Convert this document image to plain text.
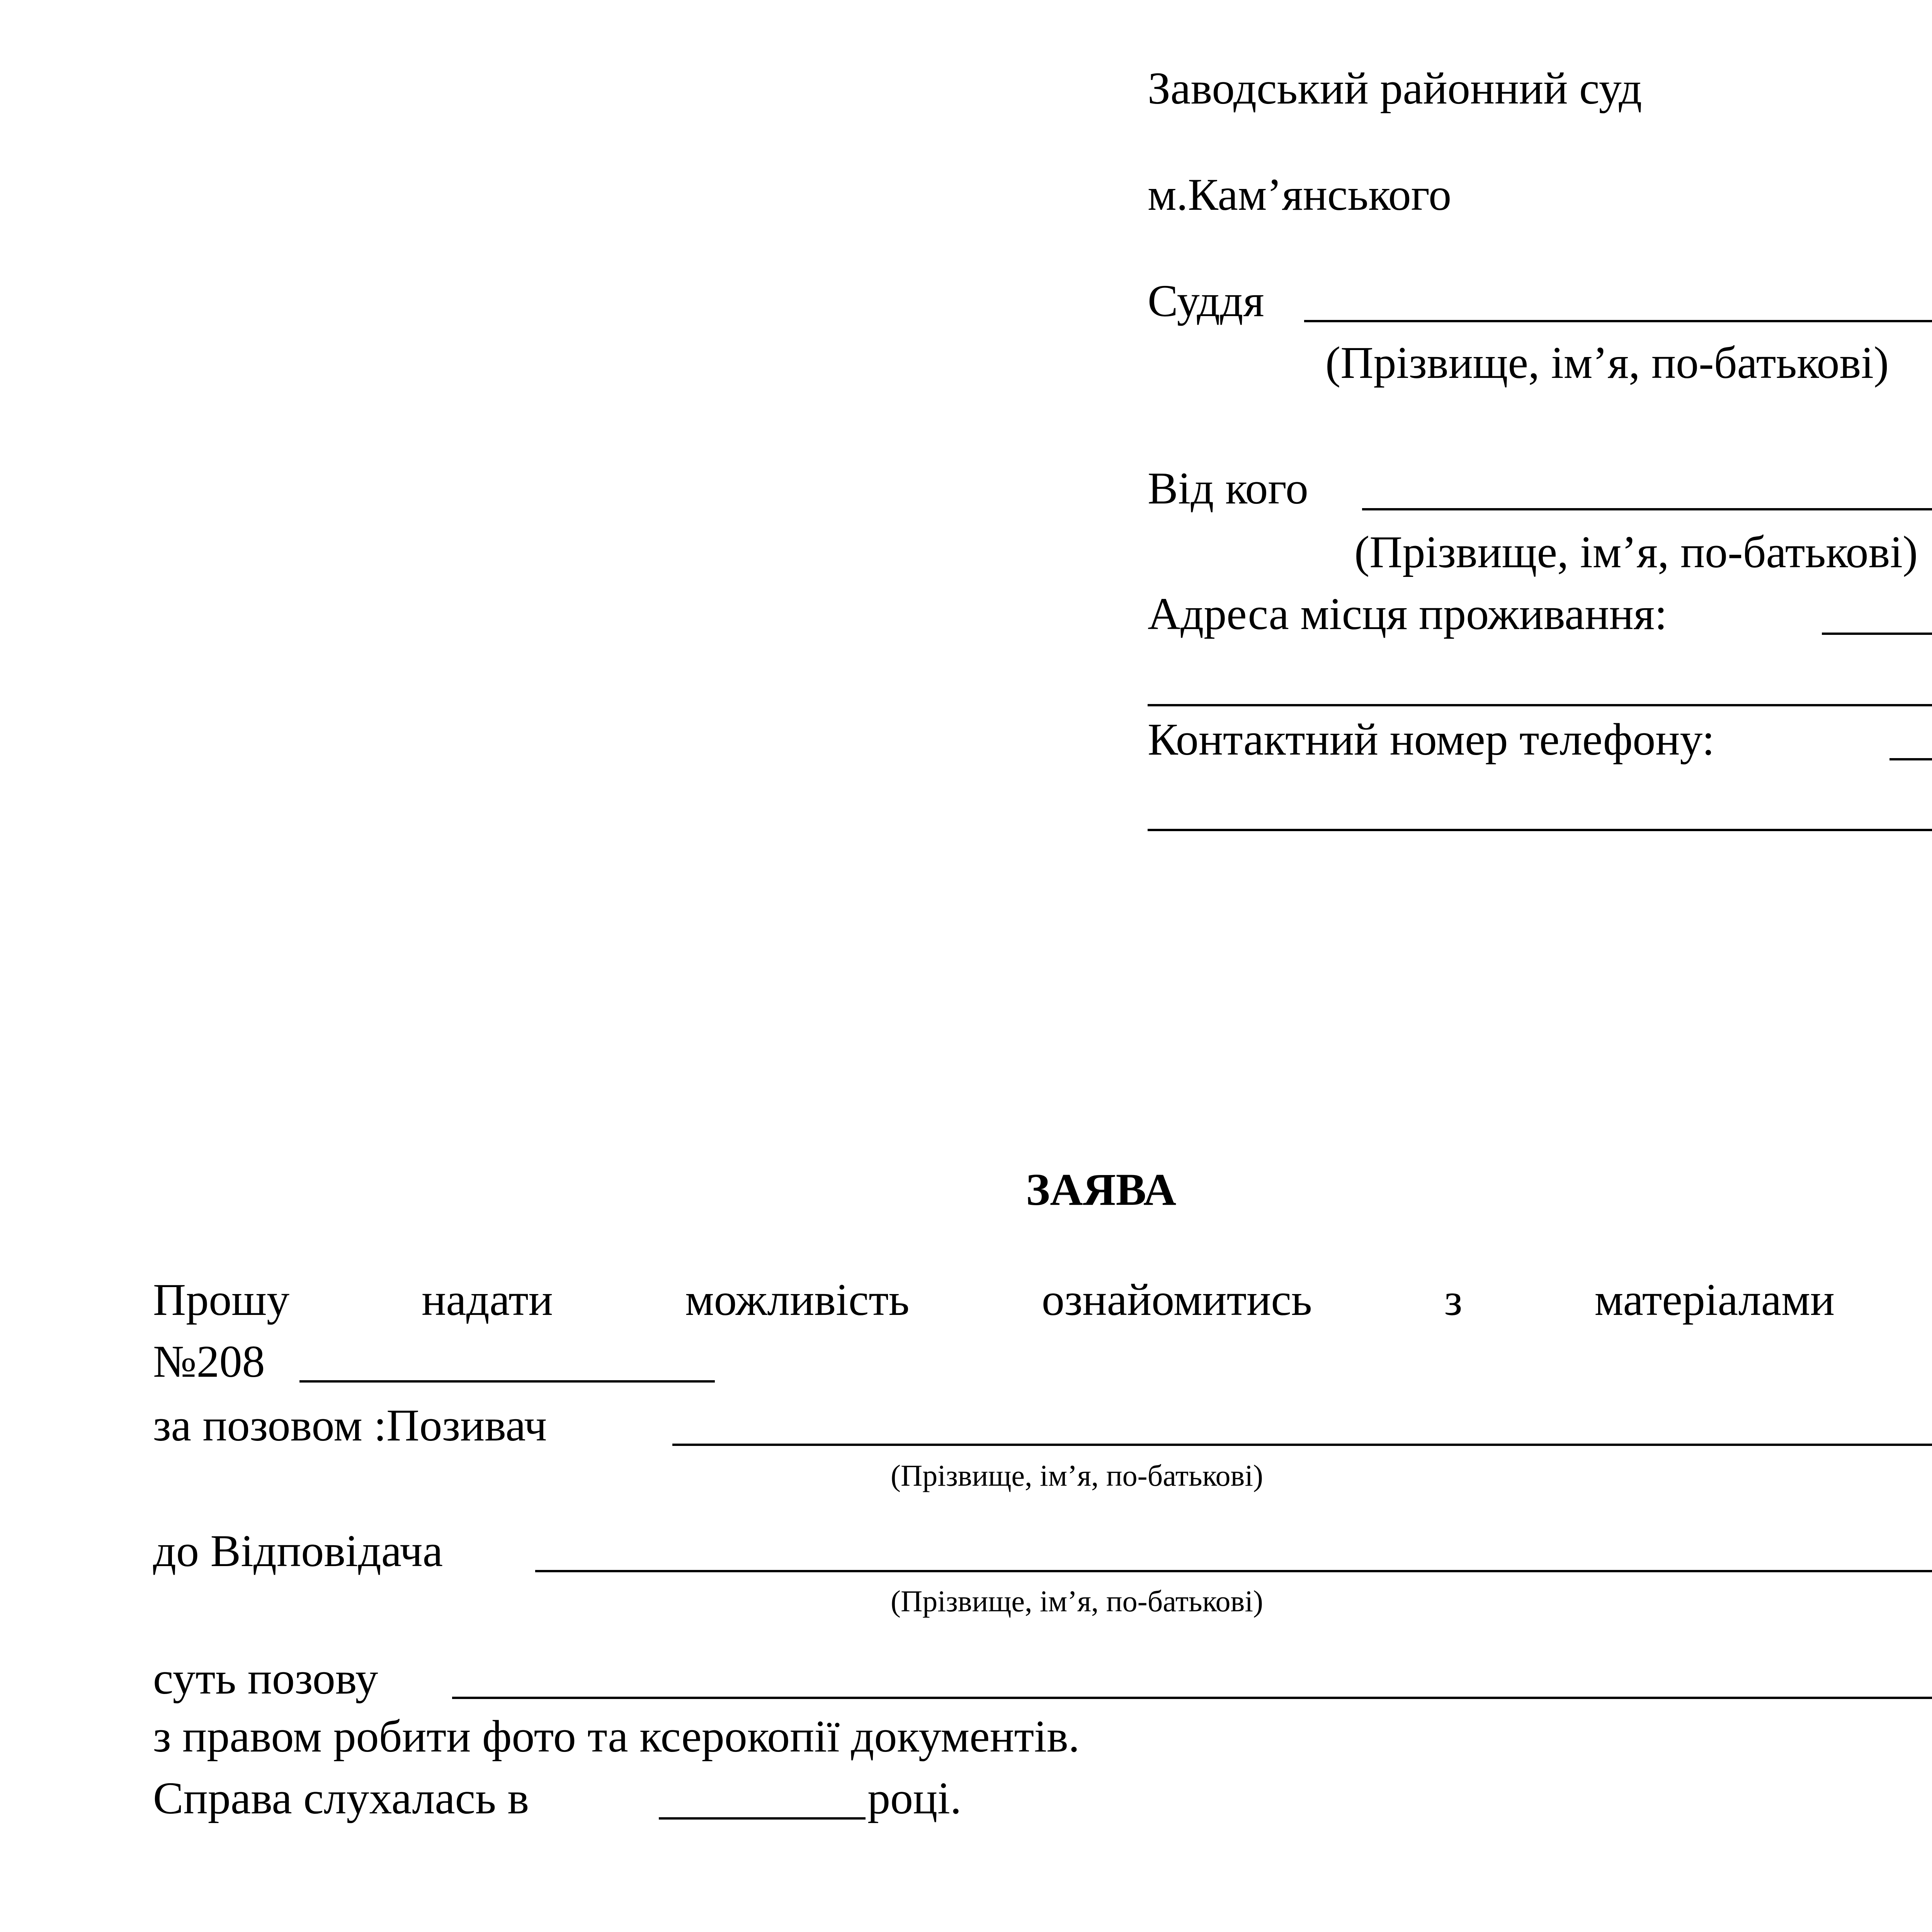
Заводський районний суд
м.Кам’янського
Суддя
(Прізвище, ім’я, по-батькові)
Від кого
(Прізвище, ім’я, по-батькові)
Адреса місця проживання:
Контактний номер телефону:
ЗАЯВА
Прошу	надати	можливість	ознайомитись	з	матеріалами
№208
за позовом :Позивач
(Прізвище, ім’я, по-батькові)
до Відповідача
(Прізвище, ім’я, по-батькові)
суть позову
з правом робити фото та ксерокопії документів.
Справа слухалась в	році.
